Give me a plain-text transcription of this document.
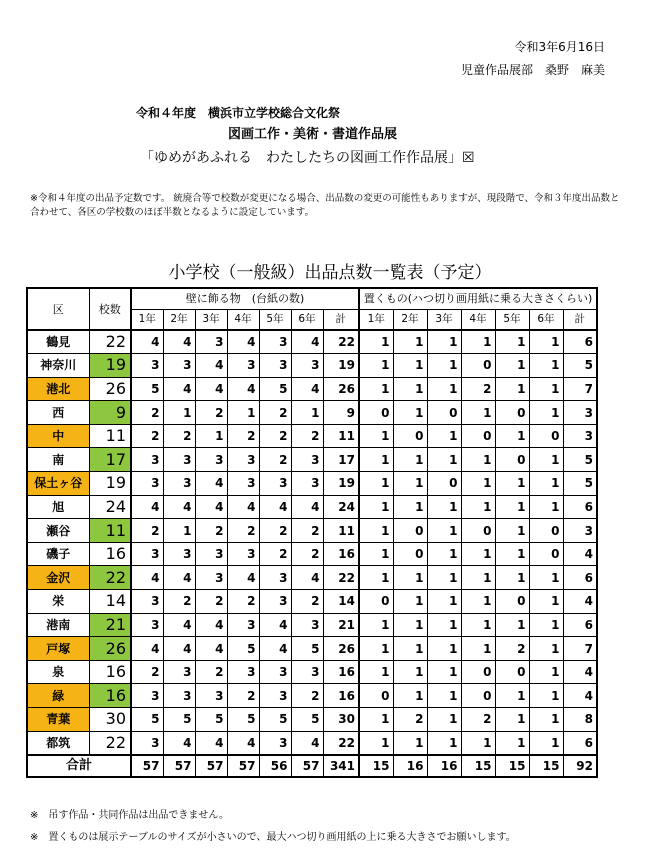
令和3年6月16日
児童作品展部　桑野　麻美
令和４年度　横浜市立学校総合文化祭
図画工作・美術・書道作品展
「ゆめがあふれる　わたしたちの図画工作作品展」☒
※令和４年度の出品予定数です。 統廃合等で校数が変更になる場合、出品数の変更の可能性もありますが、現段階で、令和３年度出品数と合わせて、各区の学校数のほぼ半数となるように設定しています。
小学校（一般級）出品点数一覧表（予定）
区	校数	壁に飾る物　(台紙の数)							置くもの(ハつ切り画用紙に乗る大きさくらい)						
		1年	2年	3年	4年	5年	6年	計	1年	2年	3年	4年	5年	6年	計
鶴見	22	4	4	3	4	3	4	22	1	1	1	1	1	1	6
神奈川	19	3	3	4	3	3	3	19	1	1	1	0	1	1	5
港北	26	5	4	4	4	5	4	26	1	1	1	2	1	1	7
西	9	2	1	2	1	2	1	9	0	1	0	1	0	1	3
中	11	2	2	1	2	2	2	11	1	0	1	0	1	0	3
南	17	3	3	3	3	2	3	17	1	1	1	1	0	1	5
保土ヶ谷	19	3	3	4	3	3	3	19	1	1	0	1	1	1	5
旭	24	4	4	4	4	4	4	24	1	1	1	1	1	1	6
瀬谷	11	2	1	2	2	2	2	11	1	0	1	0	1	0	3
磯子	16	3	3	3	3	2	2	16	1	0	1	1	1	0	4
金沢	22	4	4	3	4	3	4	22	1	1	1	1	1	1	6
栄	14	3	2	2	2	3	2	14	0	1	1	1	0	1	4
港南	21	3	4	4	3	4	3	21	1	1	1	1	1	1	6
戸塚	26	4	4	4	5	4	5	26	1	1	1	1	2	1	7
泉	16	2	3	2	3	3	3	16	1	1	1	0	0	1	4
緑	16	3	3	3	2	3	2	16	0	1	1	0	1	1	4
青葉	30	5	5	5	5	5	5	30	1	2	1	2	1	1	8
都筑	22	3	4	4	4	3	4	22	1	1	1	1	1	1	6
合計		57	57	57	57	56	57	341	15	16	16	15	15	15	92
※　吊す作品・共同作品は出品できません。
※　置くものは展示テーブルのサイズが小さいので、最大ハつ切り画用紙の上に乗る大きさでお願いします。
